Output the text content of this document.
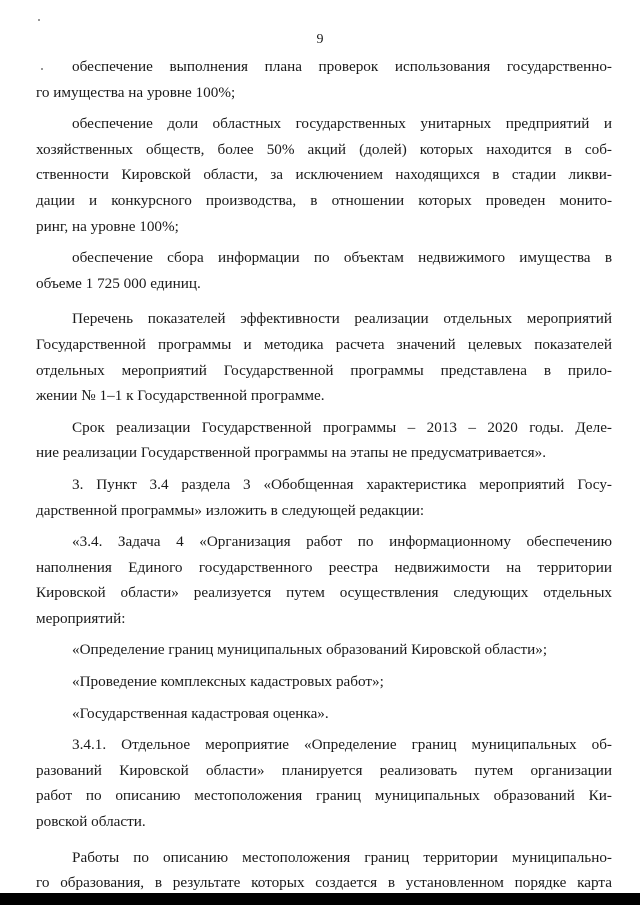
9

обеспечение выполнения плана проверок использования государственно-
го имущества на уровне 100%;

обеспечение доли областных государственных унитарных предприятий и
хозяйственных обществ, более 50% акций (долей) которых находится в соб-
ственности Кировской области, за исключением находящихся в стадии ликви-
дации и конкурсного производства, в отношении которых проведен монито-
ринг, на уровне 100%;

обеспечение сбора информации по объектам недвижимого имущества в
объеме 1 725 000 единиц.

Перечень показателей эффективности реализации отдельных мероприятий
Государственной программы и методика расчета значений целевых показателей
отдельных мероприятий Государственной программы представлена в прило-
жении № 1–1 к Государственной программе.

Срок реализации Государственной программы – 2013 – 2020 годы. Деле-
ние реализации Государственной программы на этапы не предусматривается».

3. Пункт 3.4 раздела 3 «Обобщенная характеристика мероприятий Госу-
дарственной программы» изложить в следующей редакции:

«3.4. Задача 4 «Организация работ по информационному обеспечению
наполнения Единого государственного реестра недвижимости на территории
Кировской области» реализуется путем осуществления следующих отдельных
мероприятий:

«Определение границ муниципальных образований Кировской области»;

«Проведение комплексных кадастровых работ»;

«Государственная кадастровая оценка».

3.4.1. Отдельное мероприятие «Определение границ муниципальных об-
разований Кировской области» планируется реализовать путем организации
работ по описанию местоположения границ муниципальных образований Ки-
ровской области.

Работы по описанию местоположения границ территории муниципально-
го образования, в результате которых создается в установленном порядке карта
